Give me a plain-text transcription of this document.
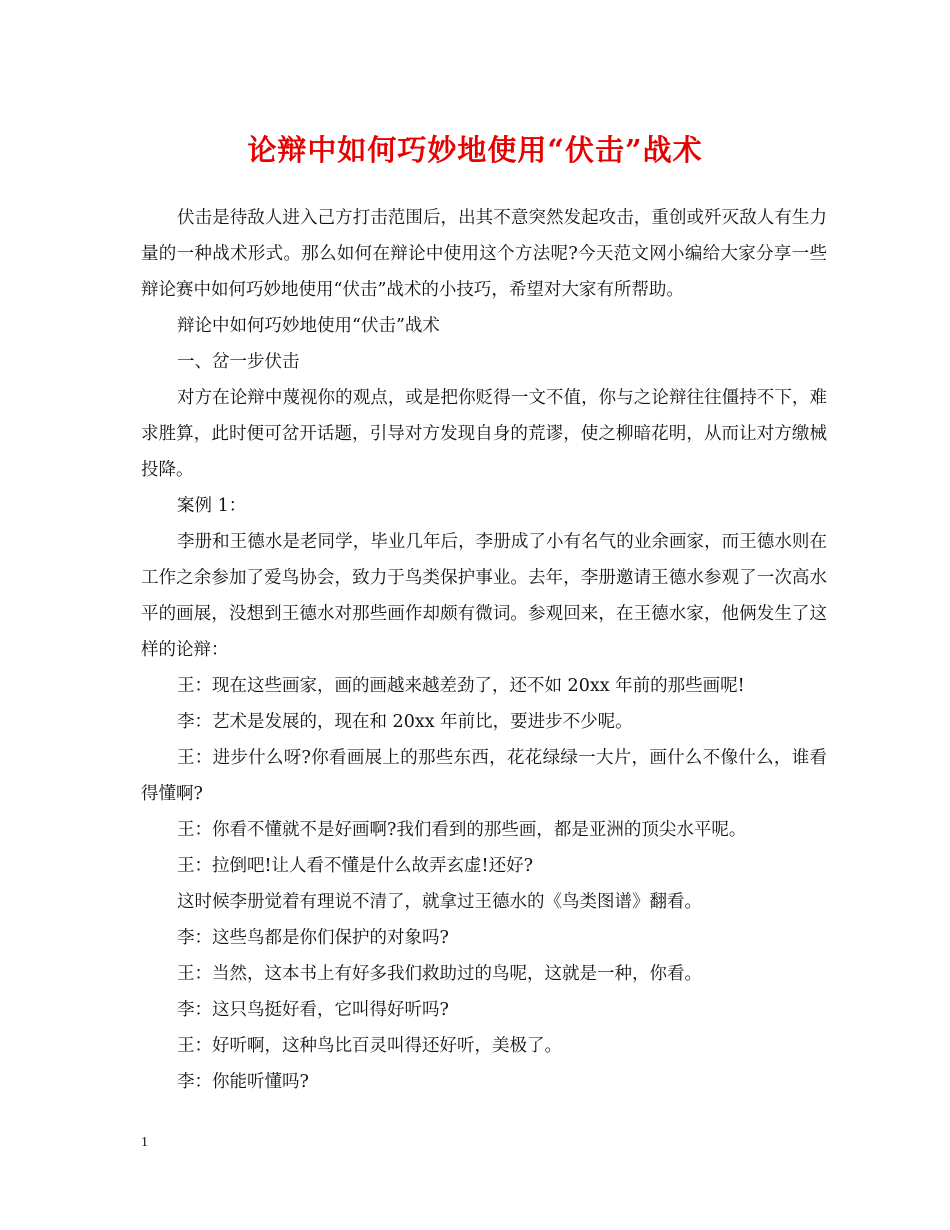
论辩中如何巧妙地使用“伏击”战术

伏击是待敌人进入己方打击范围后，出其不意突然发起攻击，重创或歼灭敌人有生力量的一种战术形式。那么如何在辩论中使用这个方法呢?今天范文网小编给大家分享一些辩论赛中如何巧妙地使用“伏击”战术的小技巧，希望对大家有所帮助。

辩论中如何巧妙地使用“伏击”战术

一、岔一步伏击

对方在论辩中蔑视你的观点，或是把你贬得一文不值，你与之论辩往往僵持不下，难求胜算，此时便可岔开话题，引导对方发现自身的荒谬，使之柳暗花明，从而让对方缴械投降。

案例 1：

李册和王德水是老同学，毕业几年后，李册成了小有名气的业余画家，而王德水则在工作之余参加了爱鸟协会，致力于鸟类保护事业。去年，李册邀请王德水参观了一次高水平的画展，没想到王德水对那些画作却颇有微词。参观回来，在王德水家，他俩发生了这样的论辩：

王：现在这些画家，画的画越来越差劲了，还不如 20xx 年前的那些画呢!

李：艺术是发展的，现在和 20xx 年前比，要进步不少呢。

王：进步什么呀?你看画展上的那些东西，花花绿绿一大片，画什么不像什么，谁看得懂啊?

王：你看不懂就不是好画啊?我们看到的那些画，都是亚洲的顶尖水平呢。

王：拉倒吧!让人看不懂是什么故弄玄虚!还好?

这时候李册觉着有理说不清了，就拿过王德水的《鸟类图谱》翻看。

李：这些鸟都是你们保护的对象吗?

王：当然，这本书上有好多我们救助过的鸟呢，这就是一种，你看。

李：这只鸟挺好看，它叫得好听吗?

王：好听啊，这种鸟比百灵叫得还好听，美极了。

李：你能听懂吗?

1
